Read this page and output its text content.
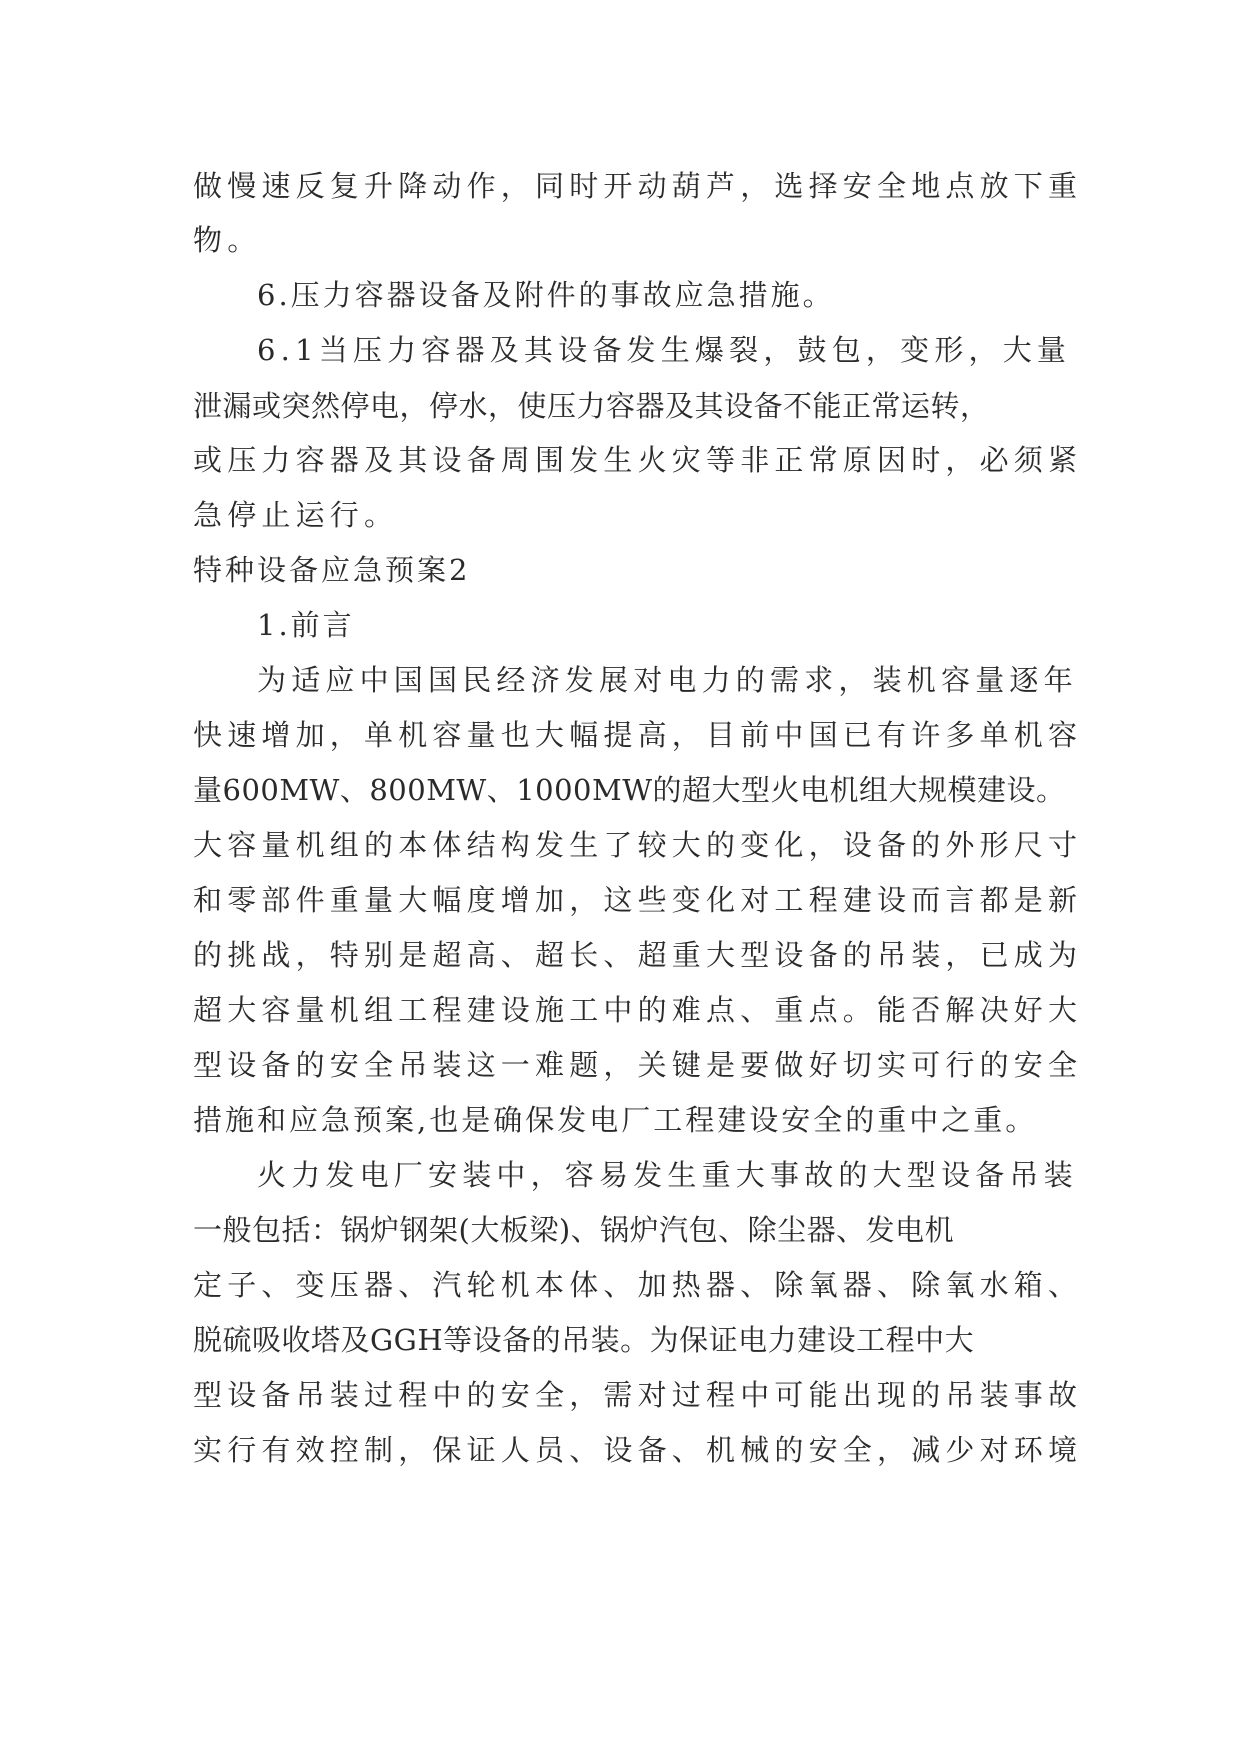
做慢速反复升降动作，同时开动葫芦，选择安全地点放下重
物。
6.压力容器设备及附件的事故应急措施。
6.1当压力容器及其设备发生爆裂，鼓包，变形，大量
泄漏或突然停电，停水，使压力容器及其设备不能正常运转，
或压力容器及其设备周围发生火灾等非正常原因时，必须紧
急停止运行。
特种设备应急预案2
1.前言
为适应中国国民经济发展对电力的需求，装机容量逐年
快速增加，单机容量也大幅提高，目前中国已有许多单机容
量600MW、800MW、1000MW的超大型火电机组大规模建设。
大容量机组的本体结构发生了较大的变化，设备的外形尺寸
和零部件重量大幅度增加，这些变化对工程建设而言都是新
的挑战，特别是超高、超长、超重大型设备的吊装，已成为
超大容量机组工程建设施工中的难点、重点。能否解决好大
型设备的安全吊装这一难题，关键是要做好切实可行的安全
措施和应急预案,也是确保发电厂工程建设安全的重中之重。
火力发电厂安装中，容易发生重大事故的大型设备吊装
一般包括：锅炉钢架(大板梁)、锅炉汽包、除尘器、发电机
定子、变压器、汽轮机本体、加热器、除氧器、除氧水箱、
脱硫吸收塔及GGH等设备的吊装。为保证电力建设工程中大
型设备吊装过程中的安全，需对过程中可能出现的吊装事故
实行有效控制，保证人员、设备、机械的安全，减少对环境
